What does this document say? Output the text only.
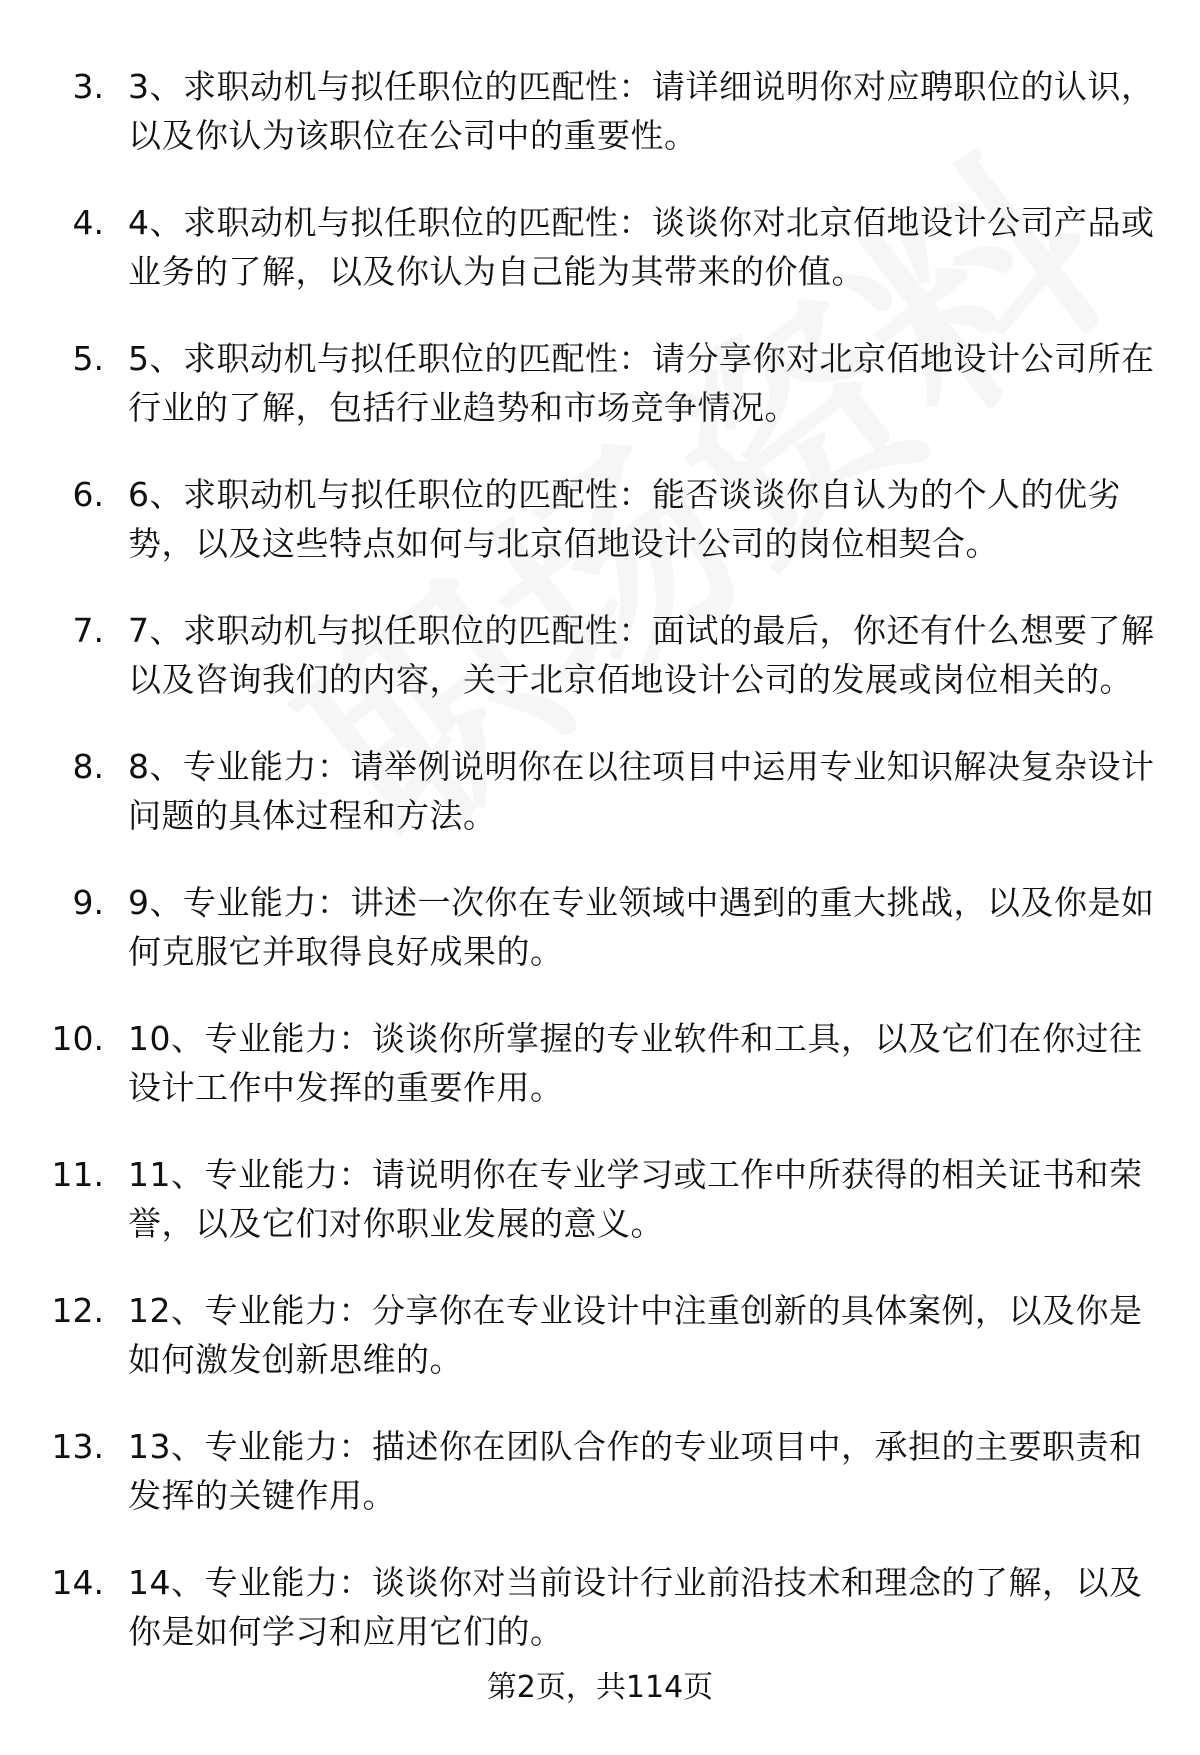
3. 3、求职动机与拟任职位的匹配性：请详细说明你对应聘职位的认识，以及你认为该职位在公司中的重要性。
4. 4、求职动机与拟任职位的匹配性：谈谈你对北京佰地设计公司产品或业务的了解，以及你认为自己能为其带来的价值。
5. 5、求职动机与拟任职位的匹配性：请分享你对北京佰地设计公司所在行业的了解，包括行业趋势和市场竞争情况。
6. 6、求职动机与拟任职位的匹配性：能否谈谈你自认为的个人的优劣势，以及这些特点如何与北京佰地设计公司的岗位相契合。
7. 7、求职动机与拟任职位的匹配性：面试的最后，你还有什么想要了解以及咨询我们的内容，关于北京佰地设计公司的发展或岗位相关的。
8. 8、专业能力：请举例说明你在以往项目中运用专业知识解决复杂设计问题的具体过程和方法。
9. 9、专业能力：讲述一次你在专业领域中遇到的重大挑战，以及你是如何克服它并取得良好成果的。
10. 10、专业能力：谈谈你所掌握的专业软件和工具，以及它们在你过往设计工作中发挥的重要作用。
11. 11、专业能力：请说明你在专业学习或工作中所获得的相关证书和荣誉，以及它们对你职业发展的意义。
12. 12、专业能力：分享你在专业设计中注重创新的具体案例，以及你是如何激发创新思维的。
13. 13、专业能力：描述你在团队合作的专业项目中，承担的主要职责和发挥的关键作用。
14. 14、专业能力：谈谈你对当前设计行业前沿技术和理念的了解，以及你是如何学习和应用它们的。
第2页，共114页
